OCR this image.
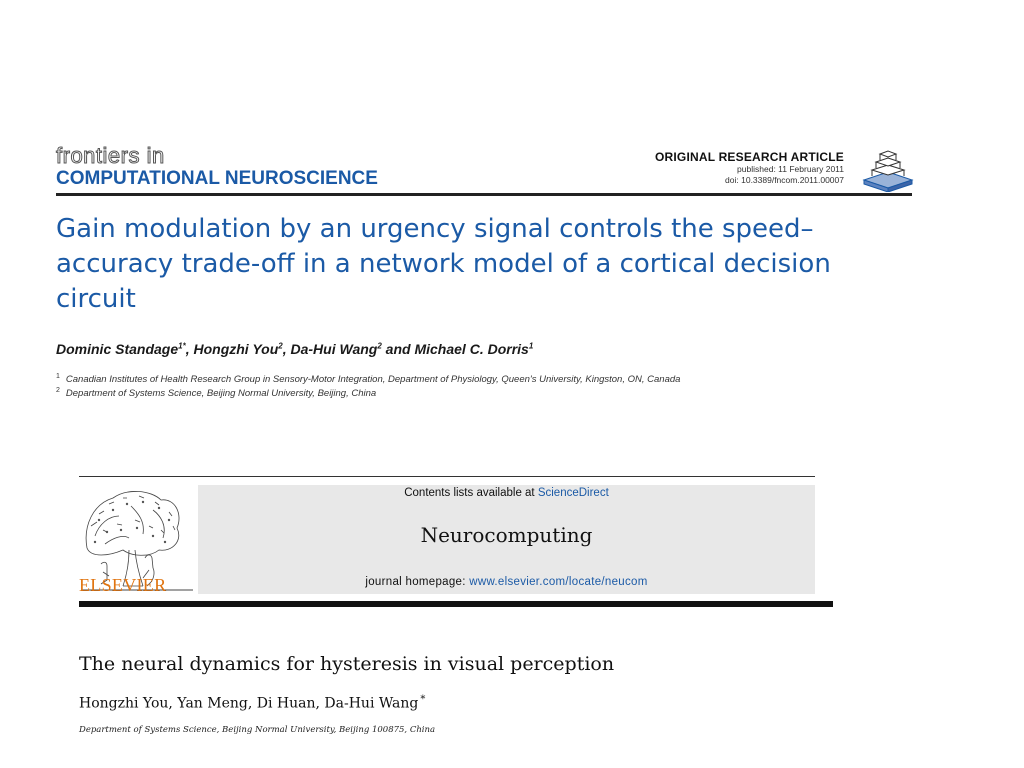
frontiers in
COMPUTATIONAL NEUROSCIENCE
ORIGINAL RESEARCH ARTICLE
published: 11 February 2011
doi: 10.3389/fncom.2011.00007
Gain modulation by an urgency signal controls the speed–accuracy trade-off in a network model of a cortical decision circuit
Dominic Standage$^{1*}$, Hongzhi You$^2$, Da-Hui Wang$^2$ and Michael C. Dorris$^1$
$^1$ Canadian Institutes of Health Research Group in Sensory-Motor Integration, Department of Physiology, Queen's University, Kingston, ON, Canada
$^2$ Department of Systems Science, Beijing Normal University, Beijing, China
ELSEVIER
Contents lists available at ScienceDirect
Neurocomputing
journal homepage: www.elsevier.com/locate/neucom
The neural dynamics for hysteresis in visual perception
Hongzhi You, Yan Meng, Di Huan, Da-Hui Wang *
Department of Systems Science, Beijing Normal University, Beijing 100875, China
